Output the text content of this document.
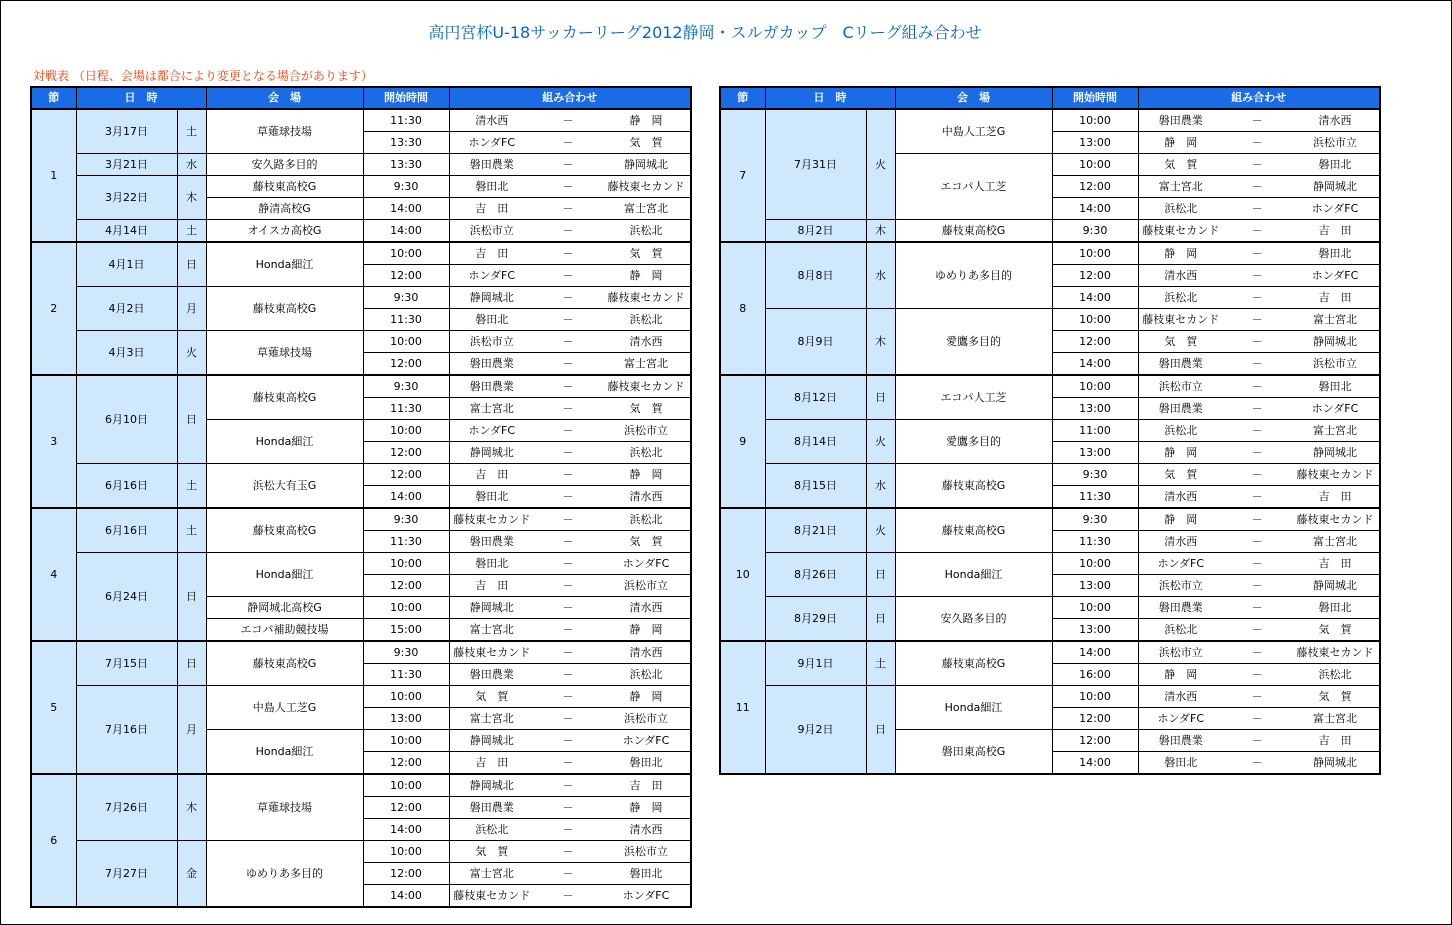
高円宮杯U-18サッカーリーグ2012静岡・スルガカップ　Cリーグ組み合わせ
対戦表 （日程、会場は都合により変更となる場合があります）
節	日　時		会　場	開始時間	組み合わせ		
1	3月17日	土	草薙球技場	11:30	清水西	－	静　岡
				13:30	ホンダFC	－	気　賀
	3月21日	水	安久路多目的	13:30	磐田農業	－	静岡城北
	3月22日	木	藤枝東高校G	9:30	磐田北	－	藤枝東セカンド
			静清高校G	14:00	吉　田	－	富士宮北
	4月14日	土	オイスカ高校G	14:00	浜松市立	－	浜松北
2	4月1日	日	Honda細江	10:00	吉　田	－	気　賀
				12:00	ホンダFC	－	静　岡
	4月2日	月	藤枝東高校G	9:30	静岡城北	－	藤枝東セカンド
				11:30	磐田北	－	浜松北
	4月3日	火	草薙球技場	10:00	浜松市立	－	清水西
				12:00	磐田農業	－	富士宮北
3	6月10日	日	藤枝東高校G	9:30	磐田農業	－	藤枝東セカンド
				11:30	富士宮北	－	気　賀
			Honda細江	10:00	ホンダFC	－	浜松市立
				12:00	静岡城北	－	浜松北
	6月16日	土	浜松大有玉G	12:00	吉　田	－	静　岡
				14:00	磐田北	－	清水西
4	6月16日	土	藤枝東高校G	9:30	藤枝東セカンド	－	浜松北
				11:30	磐田農業	－	気　賀
	6月24日	日	Honda細江	10:00	磐田北	－	ホンダFC
				12:00	吉　田	－	浜松市立
			静岡城北高校G	10:00	静岡城北	－	清水西
			エコパ補助競技場	15:00	富士宮北	－	静　岡
5	7月15日	日	藤枝東高校G	9:30	藤枝東セカンド	－	清水西
				11:30	磐田農業	－	浜松北
	7月16日	月	中島人工芝G	10:00	気　賀	－	静　岡
				13:00	富士宮北	－	浜松市立
			Honda細江	10:00	静岡城北	－	ホンダFC
				12:00	吉　田	－	磐田北
6	7月26日	木	草薙球技場	10:00	静岡城北	－	吉　田
				12:00	磐田農業	－	静　岡
				14:00	浜松北	－	清水西
	7月27日	金	ゆめりあ多目的	10:00	気　賀	－	浜松市立
				12:00	富士宮北	－	磐田北
				14:00	藤枝東セカンド	－	ホンダFC
節	日　時		会　場	開始時間	組み合わせ		
7	7月31日	火	中島人工芝G	10:00	磐田農業	－	清水西
				13:00	静　岡	－	浜松市立
			エコパ人工芝	10:00	気　賀	－	磐田北
				12:00	富士宮北	－	静岡城北
				14:00	浜松北	－	ホンダFC
	8月2日	木	藤枝東高校G	9:30	藤枝東セカンド	－	吉　田
8	8月8日	水	ゆめりあ多目的	10:00	静　岡	－	磐田北
				12:00	清水西	－	ホンダFC
				14:00	浜松北	－	吉　田
	8月9日	木	愛鷹多目的	10:00	藤枝東セカンド	－	富士宮北
				12:00	気　賀	－	静岡城北
				14:00	磐田農業	－	浜松市立
9	8月12日	日	エコパ人工芝	10:00	浜松市立	－	磐田北
				13:00	磐田農業	－	ホンダFC
	8月14日	火	愛鷹多目的	11:00	浜松北	－	富士宮北
				13:00	静　岡	－	静岡城北
	8月15日	水	藤枝東高校G	9:30	気　賀	－	藤枝東セカンド
				11:30	清水西	－	吉　田
10	8月21日	火	藤枝東高校G	9:30	静　岡	－	藤枝東セカンド
				11:30	清水西	－	富士宮北
	8月26日	日	Honda細江	10:00	ホンダFC	－	吉　田
				13:00	浜松市立	－	静岡城北
	8月29日	日	安久路多目的	10:00	磐田農業	－	磐田北
				13:00	浜松北	－	気　賀
11	9月1日	土	藤枝東高校G	14:00	浜松市立	－	藤枝東セカンド
				16:00	静　岡	－	浜松北
	9月2日	日	Honda細江	10:00	清水西	－	気　賀
				12:00	ホンダFC	－	富士宮北
			磐田東高校G	12:00	磐田農業	－	吉　田
				14:00	磐田北	－	静岡城北
